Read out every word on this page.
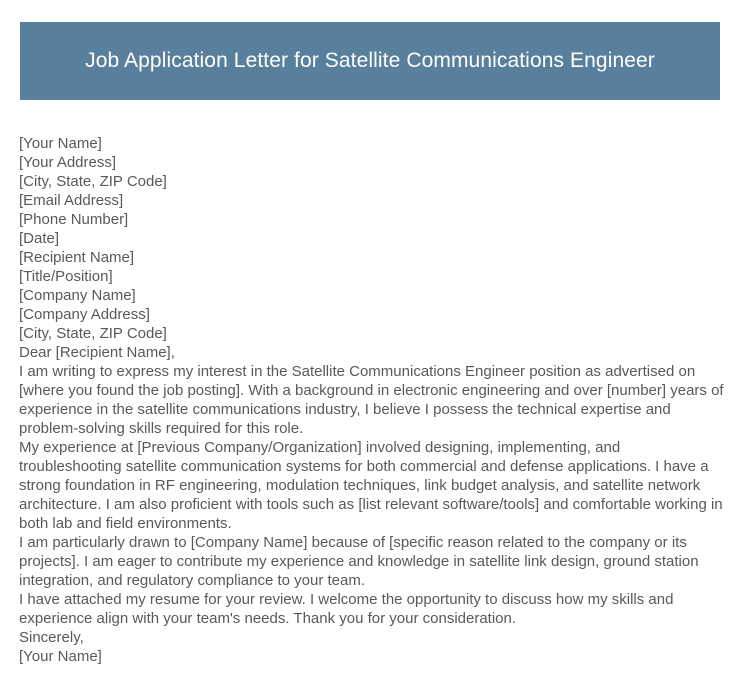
Job Application Letter for Satellite Communications Engineer
[Your Name]
[Your Address]
[City, State, ZIP Code]
[Email Address]
[Phone Number]
[Date]
[Recipient Name]
[Title/Position]
[Company Name]
[Company Address]
[City, State, ZIP Code]
Dear [Recipient Name],
I am writing to express my interest in the Satellite Communications Engineer position as advertised on [where you found the job posting]. With a background in electronic engineering and over [number] years of experience in the satellite communications industry, I believe I possess the technical expertise and problem-solving skills required for this role.
My experience at [Previous Company/Organization] involved designing, implementing, and troubleshooting satellite communication systems for both commercial and defense applications. I have a strong foundation in RF engineering, modulation techniques, link budget analysis, and satellite network architecture. I am also proficient with tools such as [list relevant software/tools] and comfortable working in both lab and field environments.
I am particularly drawn to [Company Name] because of [specific reason related to the company or its projects]. I am eager to contribute my experience and knowledge in satellite link design, ground station integration, and regulatory compliance to your team.
I have attached my resume for your review. I welcome the opportunity to discuss how my skills and experience align with your team's needs. Thank you for your consideration.
Sincerely,
[Your Name]
